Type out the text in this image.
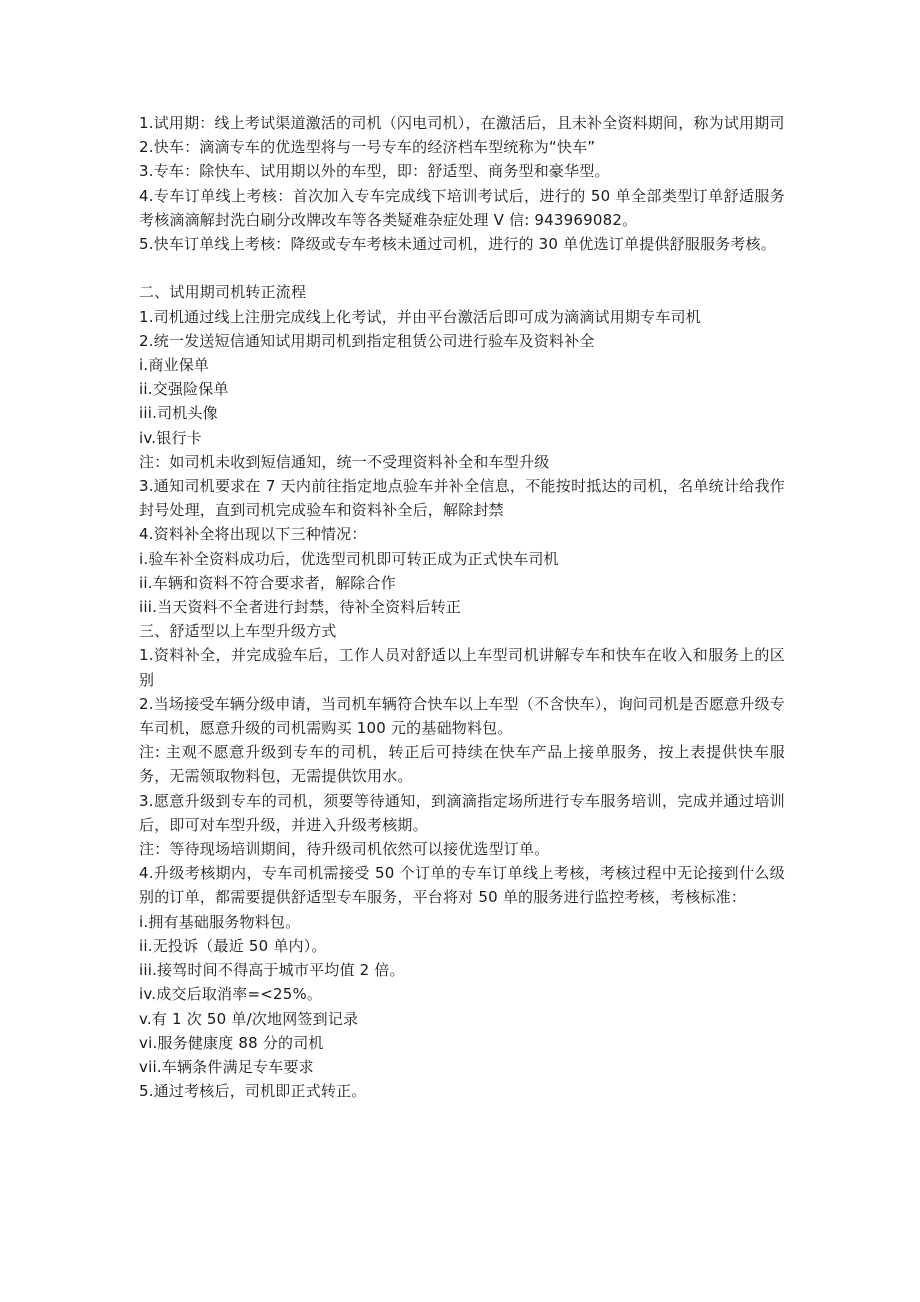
1.试用期：线上考试渠道激活的司机（闪电司机），在激活后，且未补全资料期间，称为试用期司

2.快车：滴滴专车的优选型将与一号专车的经济档车型统称为“快车”

3.专车：除快车、试用期以外的车型，即：舒适型、商务型和豪华型。

4.专车订单线上考核：首次加入专车完成线下培训考试后，进行的 50 单全部类型订单舒适服务考核滴滴解封洗白刷分改牌改车等各类疑难杂症处理 V 信: 943969082。

5.快车订单线上考核：降级或专车考核未通过司机，进行的 30 单优选订单提供舒服服务考核。

二、试用期司机转正流程

1.司机通过线上注册完成线上化考试，并由平台激活后即可成为滴滴试用期专车司机

2.统一发送短信通知试用期司机到指定租赁公司进行验车及资料补全

i.商业保单

ii.交强险保单

iii.司机头像

iv.银行卡

注：如司机未收到短信通知，统一不受理资料补全和车型升级

3.通知司机要求在 7 天内前往指定地点验车并补全信息，不能按时抵达的司机，名单统计给我作封号处理，直到司机完成验车和资料补全后，解除封禁

4.资料补全将出现以下三种情况：

i.验车补全资料成功后，优选型司机即可转正成为正式快车司机

ii.车辆和资料不符合要求者，解除合作

iii.当天资料不全者进行封禁，待补全资料后转正

三、舒适型以上车型升级方式

1.资料补全，并完成验车后，工作人员对舒适以上车型司机讲解专车和快车在收入和服务上的区别

2.当场接受车辆分级申请，当司机车辆符合快车以上车型（不含快车），询问司机是否愿意升级专车司机，愿意升级的司机需购买 100 元的基础物料包。

注: 主观不愿意升级到专车的司机，转正后可持续在快车产品上接单服务，按上表提供快车服务，无需领取物料包，无需提供饮用水。

3.愿意升级到专车的司机，须要等待通知，到滴滴指定场所进行专车服务培训，完成并通过培训后，即可对车型升级，并进入升级考核期。

注：等待现场培训期间，待升级司机依然可以接优选型订单。

4.升级考核期内，专车司机需接受 50 个订单的专车订单线上考核，考核过程中无论接到什么级别的订单，都需要提供舒适型专车服务，平台将对 50 单的服务进行监控考核，考核标准：

i.拥有基础服务物料包。

ii.无投诉（最近 50 单内）。

iii.接驾时间不得高于城市平均值 2 倍。

iv.成交后取消率=<25%。

v.有 1 次 50 单/次地网签到记录

vi.服务健康度 88 分的司机

vii.车辆条件满足专车要求

5.通过考核后，司机即正式转正。
